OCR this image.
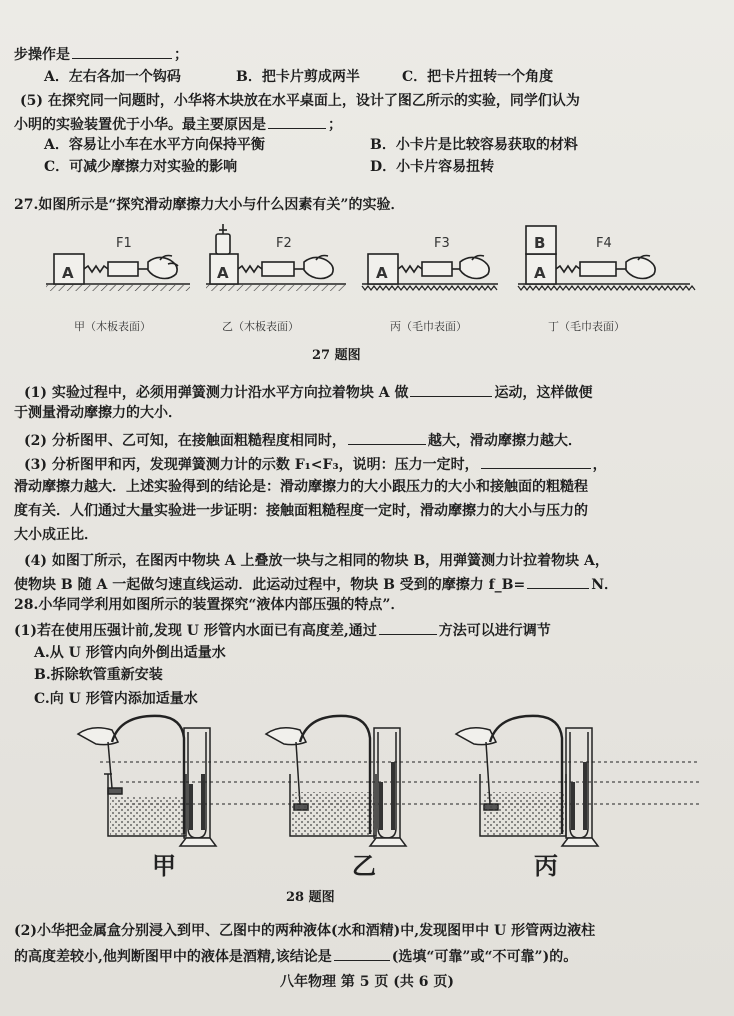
步操作是	；
A．左右各加一个钩码	B．把卡片剪成两半	C．把卡片扭转一个角度
(5) 在探究同一问题时，小华将木块放在水平桌面上，设计了图乙所示的实验，同学们认为
小明的实验装置优于小华。最主要原因是	；
A．容易让小车在水平方向保持平衡	B．小卡片是比较容易获取的材料
C．可减少摩擦力对实验的影响	D．小卡片容易扭转
27.如图所示是“探究滑动摩擦力大小与什么因素有关”的实验．
A	A	A	A
B
F1	F2	F3	F4
甲（木板表面）	乙（木板表面）	丙（毛巾表面）	丁（毛巾表面）
27 题图
(1) 实验过程中，必须用弹簧测力计沿水平方向拉着物块 A 做	运动，这样做便
于测量滑动摩擦力的大小．
(2) 分析图甲、乙可知，在接触面粗糙程度相同时，	越大，滑动摩擦力越大．
(3) 分析图甲和丙，发现弹簧测力计的示数 F₁<F₃，说明：压力一定时，	，
滑动摩擦力越大．上述实验得到的结论是：滑动摩擦力的大小跟压力的大小和接触面的粗糙程
度有关．人们通过大量实验进一步证明：接触面粗糙程度一定时，滑动摩擦力的大小与压力的
大小成正比．
(4) 如图丁所示，在图丙中物块 A 上叠放一块与之相同的物块 B，用弹簧测力计拉着物块 A，
使物块 B 随 A 一起做匀速直线运动．此运动过程中，物块 B 受到的摩擦力 f_B=	N．
28.小华同学利用如图所示的装置探究“液体内部压强的特点”．
(1)若在使用压强计前,发现 U 形管内水面已有高度差,通过	方法可以进行调节
A.从 U 形管内向外倒出适量水
B.拆除软管重新安装
C.向 U 形管内添加适量水
甲	乙	丙
28 题图
(2)小华把金属盒分别浸入到甲、乙图中的两种液体(水和酒精)中,发现图甲中 U 形管两边液柱
的高度差较小,他判断图甲中的液体是酒精,该结论是	(选填“可靠”或“不可靠”)的。
八年物理 第 5 页 (共 6 页)
